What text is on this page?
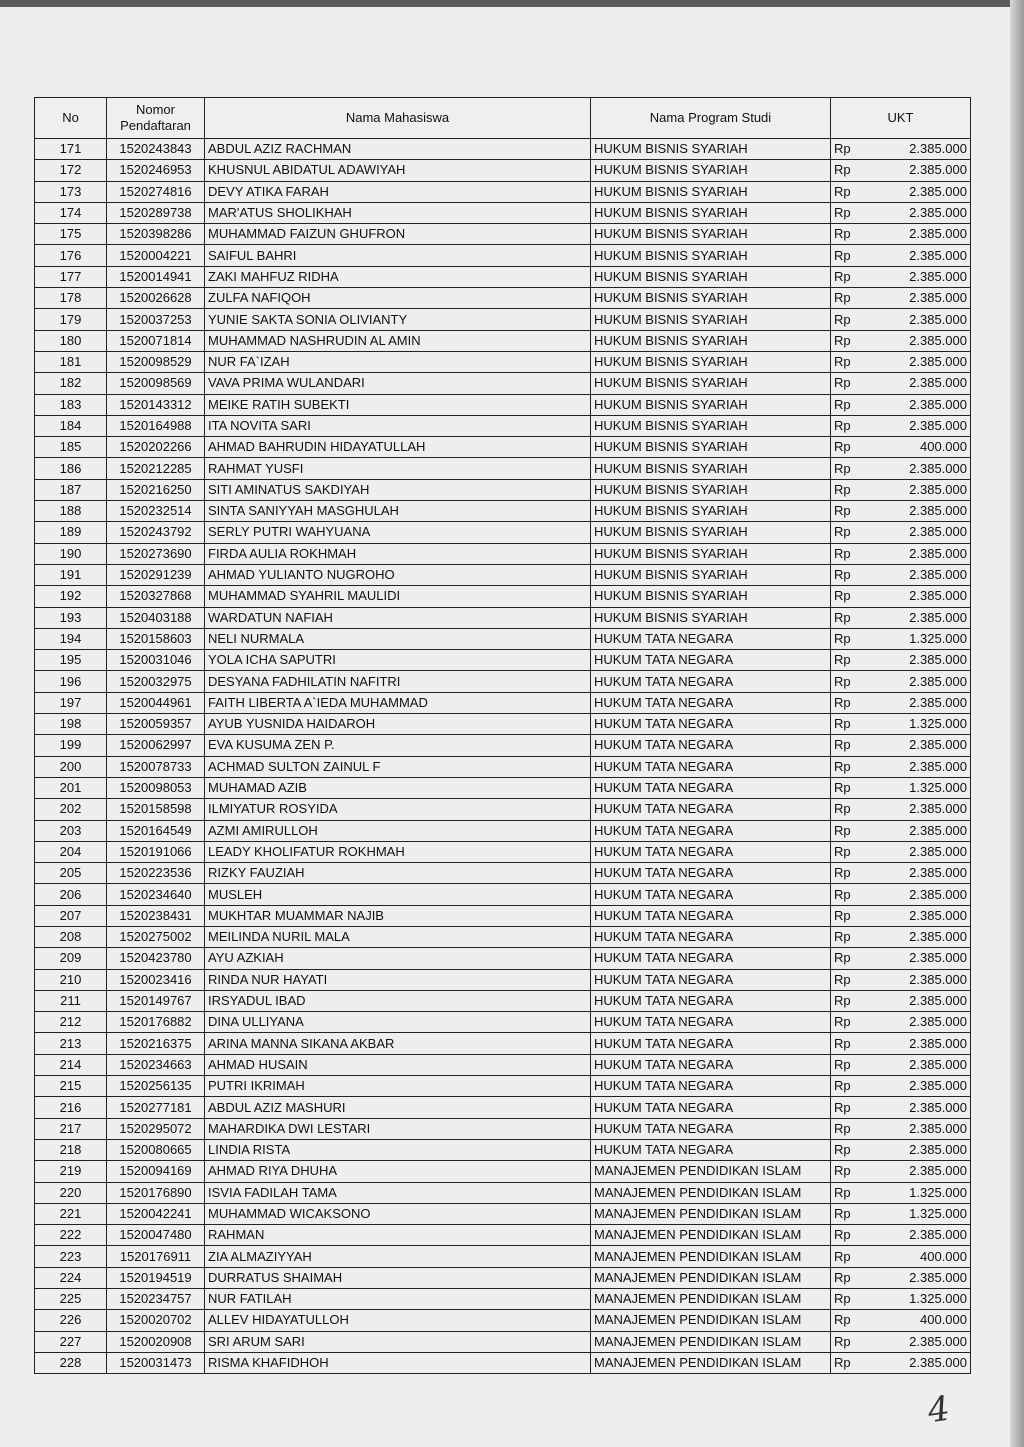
No	Nomor Pendaftaran	Nama Mahasiswa	Nama Program Studi	UKT	
171	1520243843	ABDUL AZIZ RACHMAN	HUKUM BISNIS SYARIAH	Rp	2.385.000
172	1520246953	KHUSNUL ABIDATUL ADAWIYAH	HUKUM BISNIS SYARIAH	Rp	2.385.000
173	1520274816	DEVY ATIKA FARAH	HUKUM BISNIS SYARIAH	Rp	2.385.000
174	1520289738	MAR'ATUS SHOLIKHAH	HUKUM BISNIS SYARIAH	Rp	2.385.000
175	1520398286	MUHAMMAD FAIZUN GHUFRON	HUKUM BISNIS SYARIAH	Rp	2.385.000
176	1520004221	SAIFUL BAHRI	HUKUM BISNIS SYARIAH	Rp	2.385.000
177	1520014941	ZAKI MAHFUZ RIDHA	HUKUM BISNIS SYARIAH	Rp	2.385.000
178	1520026628	ZULFA NAFIQOH	HUKUM BISNIS SYARIAH	Rp	2.385.000
179	1520037253	YUNIE SAKTA SONIA OLIVIANTY	HUKUM BISNIS SYARIAH	Rp	2.385.000
180	1520071814	MUHAMMAD NASHRUDIN AL AMIN	HUKUM BISNIS SYARIAH	Rp	2.385.000
181	1520098529	NUR FA`IZAH	HUKUM BISNIS SYARIAH	Rp	2.385.000
182	1520098569	VAVA PRIMA WULANDARI	HUKUM BISNIS SYARIAH	Rp	2.385.000
183	1520143312	MEIKE RATIH SUBEKTI	HUKUM BISNIS SYARIAH	Rp	2.385.000
184	1520164988	ITA NOVITA SARI	HUKUM BISNIS SYARIAH	Rp	2.385.000
185	1520202266	AHMAD BAHRUDIN HIDAYATULLAH	HUKUM BISNIS SYARIAH	Rp	400.000
186	1520212285	RAHMAT YUSFI	HUKUM BISNIS SYARIAH	Rp	2.385.000
187	1520216250	SITI AMINATUS SAKDIYAH	HUKUM BISNIS SYARIAH	Rp	2.385.000
188	1520232514	SINTA SANIYYAH MASGHULAH	HUKUM BISNIS SYARIAH	Rp	2.385.000
189	1520243792	SERLY PUTRI WAHYUANA	HUKUM BISNIS SYARIAH	Rp	2.385.000
190	1520273690	FIRDA AULIA ROKHMAH	HUKUM BISNIS SYARIAH	Rp	2.385.000
191	1520291239	AHMAD YULIANTO NUGROHO	HUKUM BISNIS SYARIAH	Rp	2.385.000
192	1520327868	MUHAMMAD SYAHRIL MAULIDI	HUKUM BISNIS SYARIAH	Rp	2.385.000
193	1520403188	WARDATUN NAFIAH	HUKUM BISNIS SYARIAH	Rp	2.385.000
194	1520158603	NELI NURMALA	HUKUM TATA NEGARA	Rp	1.325.000
195	1520031046	YOLA ICHA SAPUTRI	HUKUM TATA NEGARA	Rp	2.385.000
196	1520032975	DESYANA FADHILATIN NAFITRI	HUKUM TATA NEGARA	Rp	2.385.000
197	1520044961	FAITH LIBERTA A`IEDA MUHAMMAD	HUKUM TATA NEGARA	Rp	2.385.000
198	1520059357	AYUB YUSNIDA HAIDAROH	HUKUM TATA NEGARA	Rp	1.325.000
199	1520062997	EVA KUSUMA ZEN P.	HUKUM TATA NEGARA	Rp	2.385.000
200	1520078733	ACHMAD SULTON ZAINUL F	HUKUM TATA NEGARA	Rp	2.385.000
201	1520098053	MUHAMAD AZIB	HUKUM TATA NEGARA	Rp	1.325.000
202	1520158598	ILMIYATUR ROSYIDA	HUKUM TATA NEGARA	Rp	2.385.000
203	1520164549	AZMI AMIRULLOH	HUKUM TATA NEGARA	Rp	2.385.000
204	1520191066	LEADY KHOLIFATUR ROKHMAH	HUKUM TATA NEGARA	Rp	2.385.000
205	1520223536	RIZKY FAUZIAH	HUKUM TATA NEGARA	Rp	2.385.000
206	1520234640	MUSLEH	HUKUM TATA NEGARA	Rp	2.385.000
207	1520238431	MUKHTAR MUAMMAR NAJIB	HUKUM TATA NEGARA	Rp	2.385.000
208	1520275002	MEILINDA NURIL MALA	HUKUM TATA NEGARA	Rp	2.385.000
209	1520423780	AYU AZKIAH	HUKUM TATA NEGARA	Rp	2.385.000
210	1520023416	RINDA NUR HAYATI	HUKUM TATA NEGARA	Rp	2.385.000
211	1520149767	IRSYADUL IBAD	HUKUM TATA NEGARA	Rp	2.385.000
212	1520176882	DINA ULLIYANA	HUKUM TATA NEGARA	Rp	2.385.000
213	1520216375	ARINA MANNA SIKANA AKBAR	HUKUM TATA NEGARA	Rp	2.385.000
214	1520234663	AHMAD HUSAIN	HUKUM TATA NEGARA	Rp	2.385.000
215	1520256135	PUTRI IKRIMAH	HUKUM TATA NEGARA	Rp	2.385.000
216	1520277181	ABDUL AZIZ MASHURI	HUKUM TATA NEGARA	Rp	2.385.000
217	1520295072	MAHARDIKA DWI LESTARI	HUKUM TATA NEGARA	Rp	2.385.000
218	1520080665	LINDIA RISTA	HUKUM TATA NEGARA	Rp	2.385.000
219	1520094169	AHMAD RIYA DHUHA	MANAJEMEN PENDIDIKAN ISLAM	Rp	2.385.000
220	1520176890	ISVIA FADILAH TAMA	MANAJEMEN PENDIDIKAN ISLAM	Rp	1.325.000
221	1520042241	MUHAMMAD WICAKSONO	MANAJEMEN PENDIDIKAN ISLAM	Rp	1.325.000
222	1520047480	RAHMAN	MANAJEMEN PENDIDIKAN ISLAM	Rp	2.385.000
223	1520176911	ZIA ALMAZIYYAH	MANAJEMEN PENDIDIKAN ISLAM	Rp	400.000
224	1520194519	DURRATUS SHAIMAH	MANAJEMEN PENDIDIKAN ISLAM	Rp	2.385.000
225	1520234757	NUR FATILAH	MANAJEMEN PENDIDIKAN ISLAM	Rp	1.325.000
226	1520020702	ALLEV HIDAYATULLOH	MANAJEMEN PENDIDIKAN ISLAM	Rp	400.000
227	1520020908	SRI ARUM SARI	MANAJEMEN PENDIDIKAN ISLAM	Rp	2.385.000
228	1520031473	RISMA KHAFIDHOH	MANAJEMEN PENDIDIKAN ISLAM	Rp	2.385.000
4
